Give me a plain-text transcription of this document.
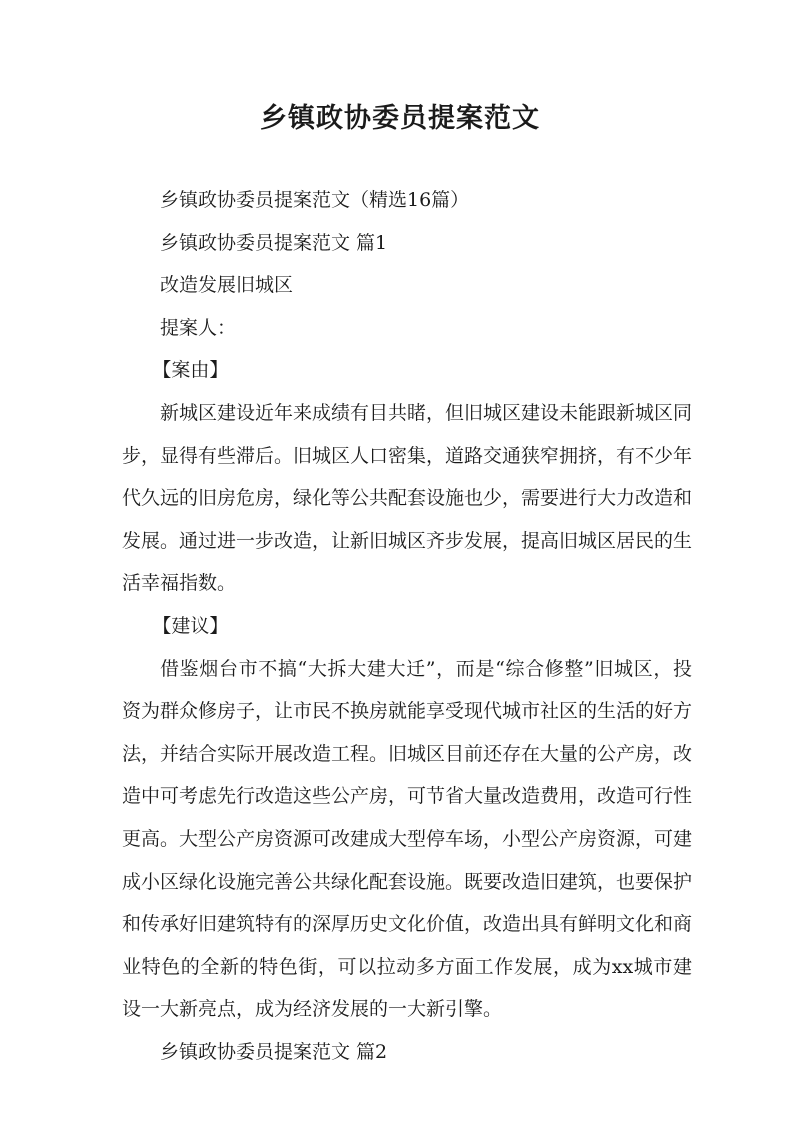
乡镇政协委员提案范文

乡镇政协委员提案范文（精选16篇）

乡镇政协委员提案范文 篇1

改造发展旧城区

提案人：

【案由】

新城区建设近年来成绩有目共睹，但旧城区建设未能跟新城区同步，显得有些滞后。旧城区人口密集，道路交通狭窄拥挤，有不少年代久远的旧房危房，绿化等公共配套设施也少，需要进行大力改造和发展。通过进一步改造，让新旧城区齐步发展，提高旧城区居民的生活幸福指数。

【建议】

借鉴烟台市不搞“大拆大建大迁”，而是“综合修整”旧城区，投资为群众修房子，让市民不换房就能享受现代城市社区的生活的好方法，并结合实际开展改造工程。旧城区目前还存在大量的公产房，改造中可考虑先行改造这些公产房，可节省大量改造费用，改造可行性更高。大型公产房资源可改建成大型停车场，小型公产房资源，可建成小区绿化设施完善公共绿化配套设施。既要改造旧建筑，也要保护和传承好旧建筑特有的深厚历史文化价值，改造出具有鲜明文化和商业特色的全新的特色街，可以拉动多方面工作发展，成为xx城市建设一大新亮点，成为经济发展的一大新引擎。

乡镇政协委员提案范文 篇2
